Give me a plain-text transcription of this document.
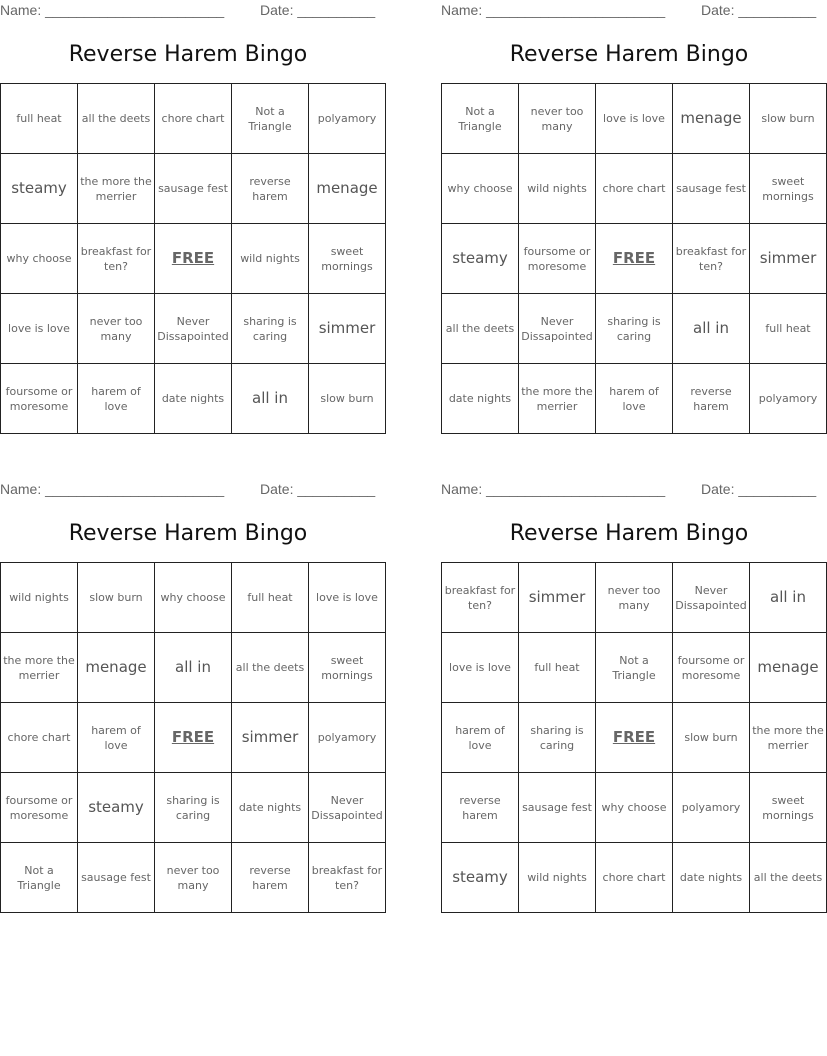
Name: _______________________	Date: __________
Reverse Harem Bingo
full heat	all the deets	chore chart	Not a Triangle	polyamory
steamy	the more the merrier	sausage fest	reverse harem	menage
why choose	breakfast for ten?	FREE	wild nights	sweet mornings
love is love	never too many	Never Dissapointed	sharing is caring	simmer
foursome or moresome	harem of love	date nights	all in	slow burn
Name: _______________________	Date: __________
Reverse Harem Bingo
Not a Triangle	never too many	love is love	menage	slow burn
why choose	wild nights	chore chart	sausage fest	sweet mornings
steamy	foursome or moresome	FREE	breakfast for ten?	simmer
all the deets	Never Dissapointed	sharing is caring	all in	full heat
date nights	the more the merrier	harem of love	reverse harem	polyamory
Name: _______________________	Date: __________
Reverse Harem Bingo
wild nights	slow burn	why choose	full heat	love is love
the more the merrier	menage	all in	all the deets	sweet mornings
chore chart	harem of love	FREE	simmer	polyamory
foursome or moresome	steamy	sharing is caring	date nights	Never Dissapointed
Not a Triangle	sausage fest	never too many	reverse harem	breakfast for ten?
Name: _______________________	Date: __________
Reverse Harem Bingo
breakfast for ten?	simmer	never too many	Never Dissapointed	all in
love is love	full heat	Not a Triangle	foursome or moresome	menage
harem of love	sharing is caring	FREE	slow burn	the more the merrier
reverse harem	sausage fest	why choose	polyamory	sweet mornings
steamy	wild nights	chore chart	date nights	all the deets
